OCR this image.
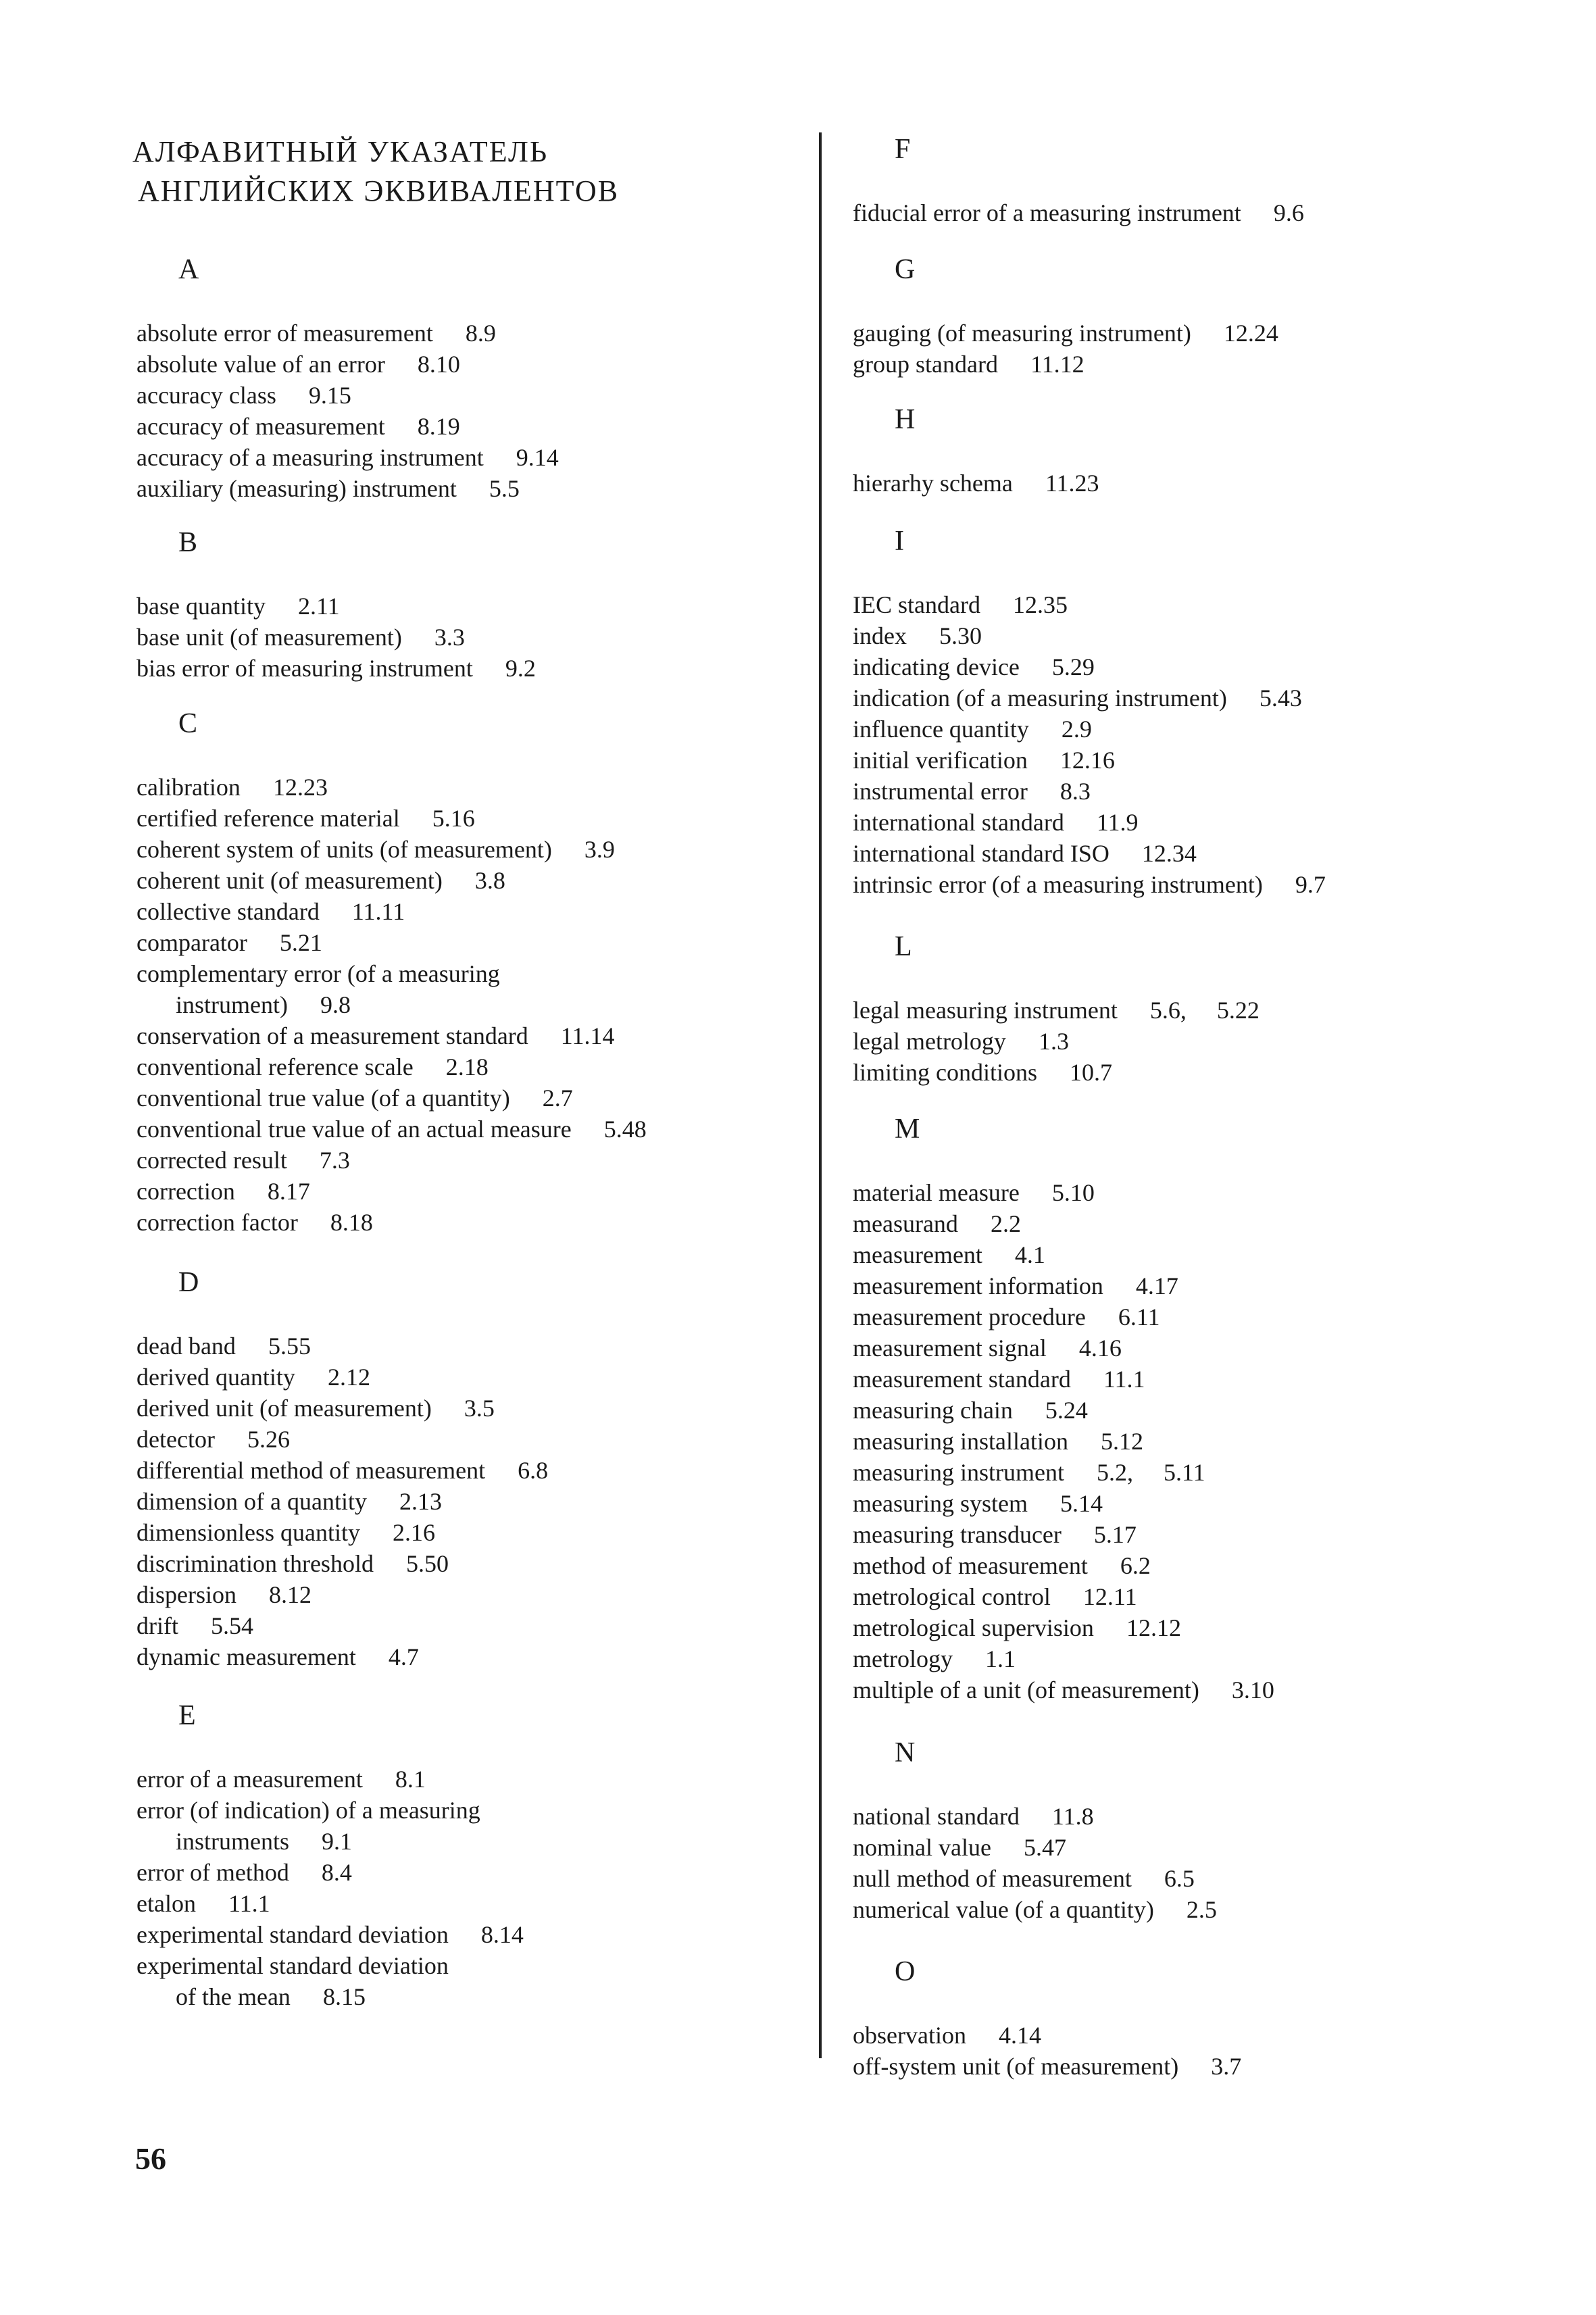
АЛФАВИТНЫЙ УКАЗАТЕЛЬ

АНГЛИЙСКИХ ЭКВИВАЛЕНТОВ
A
absolute error of measurement 8.9
absolute value of an error 8.10
accuracy class 9.15
accuracy of measurement 8.19
accuracy of a measuring instrument 9.14
auxiliary (measuring) instrument 5.5
B
base quantity 2.11
base unit (of measurement) 3.3
bias error of measuring instrument 9.2
C
calibration 12.23
certified reference material 5.16
coherent system of units (of measurement) 3.9
coherent unit (of measurement) 3.8
collective standard 11.11
comparator 5.21
complementary error (of a measuring
instrument) 9.8
conservation of a measurement standard 11.14
conventional reference scale 2.18
conventional true value (of a quantity) 2.7
conventional true value of an actual measure 5.48
corrected result 7.3
correction 8.17
correction factor 8.18
D
dead band 5.55
derived quantity 2.12
derived unit (of measurement) 3.5
detector 5.26
differential method of measurement 6.8
dimension of a quantity 2.13
dimensionless quantity 2.16
discrimination threshold 5.50
dispersion 8.12
drift 5.54
dynamic measurement 4.7
E
error of a measurement 8.1
error (of indication) of a measuring
instruments 9.1
error of method 8.4
etalon 11.1
experimental standard deviation 8.14
experimental standard deviation
of the mean 8.15
F
fiducial error of a measuring instrument 9.6
G
gauging (of measuring instrument) 12.24
group standard 11.12
H
hierarhy schema 11.23
I
IEC standard 12.35
index 5.30
indicating device 5.29
indication (of a measuring instrument) 5.43
influence quantity 2.9
initial verification 12.16
instrumental error 8.3
international standard 11.9
international standard ISO 12.34
intrinsic error (of a measuring instrument) 9.7
L
legal measuring instrument 5.6,     5.22
legal metrology 1.3
limiting conditions 10.7
M
material measure 5.10
measurand 2.2
measurement 4.1
measurement information 4.17
measurement procedure 6.11
measurement signal 4.16
measurement standard 11.1
measuring chain 5.24
measuring installation 5.12
measuring instrument 5.2,     5.11
measuring system 5.14
measuring transducer 5.17
method of measurement 6.2
metrological control 12.11
metrological supervision 12.12
metrology 1.1
multiple of a unit (of measurement) 3.10
N
national standard 11.8
nominal value 5.47
null method of measurement 6.5
numerical value (of a quantity) 2.5
O
observation 4.14
off-system unit (of measurement) 3.7
56
